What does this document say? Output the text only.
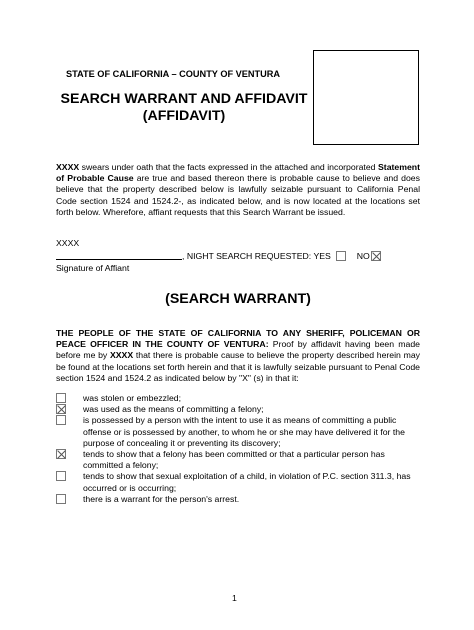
STATE OF CALIFORNIA – COUNTY OF VENTURA
SEARCH WARRANT AND AFFIDAVIT
(AFFIDAVIT)
XXXX swears under oath that the facts expressed in the attached and incorporated Statement of Probable Cause are true and based thereon there is probable cause to believe and does believe that the property described below is lawfully seizable pursuant to California Penal Code section 1524 and 1524.2-, as indicated below, and is now located at the locations set forth below. Wherefore, affiant requests that this Search Warrant be issued.
XXXX
, NIGHT SEARCH REQUESTED: YES	NO
Signature of Affiant
(SEARCH WARRANT)
THE PEOPLE OF THE STATE OF CALIFORNIA TO ANY SHERIFF, POLICEMAN OR PEACE OFFICER IN THE COUNTY OF VENTURA: Proof by affidavit having been made before me by XXXX that there is probable cause to believe the property described herein may be found at the locations set forth herein and that it is lawfully seizable pursuant to Penal Code section 1524 and 1524.2 as indicated below by "X" (s) in that it:
was stolen or embezzled;
was used as the means of committing a felony;
is possessed by a person with the intent to use it as means of committing a public offense or is possessed by another, to whom he or she may have delivered it for the purpose of concealing it or preventing its discovery;
tends to show that a felony has been committed or that a particular person has committed a felony;
tends to show that sexual exploitation of a child, in violation of P.C. section 311.3, has occurred or is occurring;
there is a warrant for the person's arrest.
1
